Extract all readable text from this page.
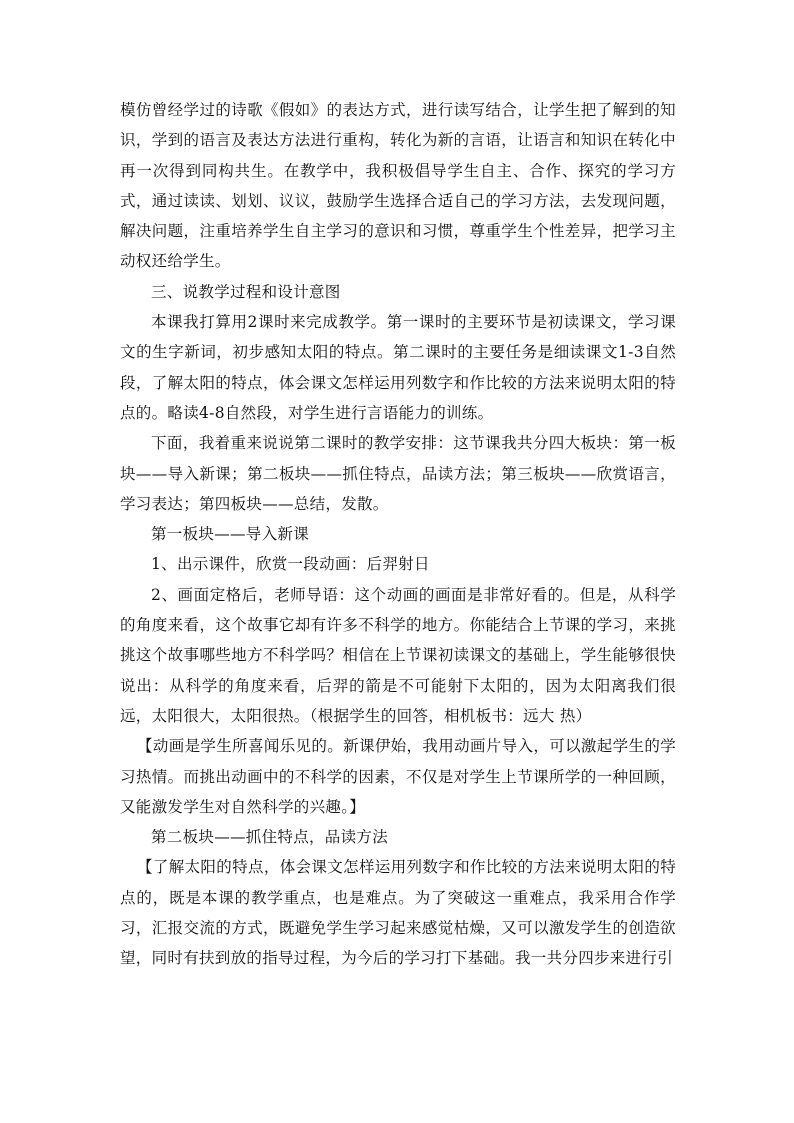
模仿曾经学过的诗歌《假如》的表达方式，进行读写结合，让学生把了解到的知识，学到的语言及表达方法进行重构，转化为新的言语，让语言和知识在转化中再一次得到同构共生。在教学中，我积极倡导学生自主、合作、探究的学习方式，通过读读、划划、议议，鼓励学生选择合适自己的学习方法，去发现问题，解决问题，注重培养学生自主学习的意识和习惯，尊重学生个性差异，把学习主动权还给学生。

三、说教学过程和设计意图

本课我打算用2课时来完成教学。第一课时的主要环节是初读课文，学习课文的生字新词，初步感知太阳的特点。第二课时的主要任务是细读课文1-3自然段，了解太阳的特点，体会课文怎样运用列数字和作比较的方法来说明太阳的特点的。略读4-8自然段，对学生进行言语能力的训练。

下面，我着重来说说第二课时的教学安排：这节课我共分四大板块：第一板块——导入新课；第二板块——抓住特点，品读方法；第三板块——欣赏语言，学习表达；第四板块——总结，发散。

第一板块——导入新课

1、出示课件，欣赏一段动画：后羿射日

2、画面定格后，老师导语：这个动画的画面是非常好看的。但是，从科学的角度来看，这个故事它却有许多不科学的地方。你能结合上节课的学习，来挑挑这个故事哪些地方不科学吗？相信在上节课初读课文的基础上，学生能够很快说出：从科学的角度来看，后羿的箭是不可能射下太阳的，因为太阳离我们很远，太阳很大，太阳很热。（根据学生的回答，相机板书：远大 热）

【动画是学生所喜闻乐见的。新课伊始，我用动画片导入，可以激起学生的学习热情。而挑出动画中的不科学的因素，不仅是对学生上节课所学的一种回顾，又能激发学生对自然科学的兴趣。】

第二板块——抓住特点，品读方法

【了解太阳的特点，体会课文怎样运用列数字和作比较的方法来说明太阳的特点的，既是本课的教学重点，也是难点。为了突破这一重难点，我采用合作学习，汇报交流的方式，既避免学生学习起来感觉枯燥，又可以激发学生的创造欲望，同时有扶到放的指导过程，为今后的学习打下基础。我一共分四步来进行引
